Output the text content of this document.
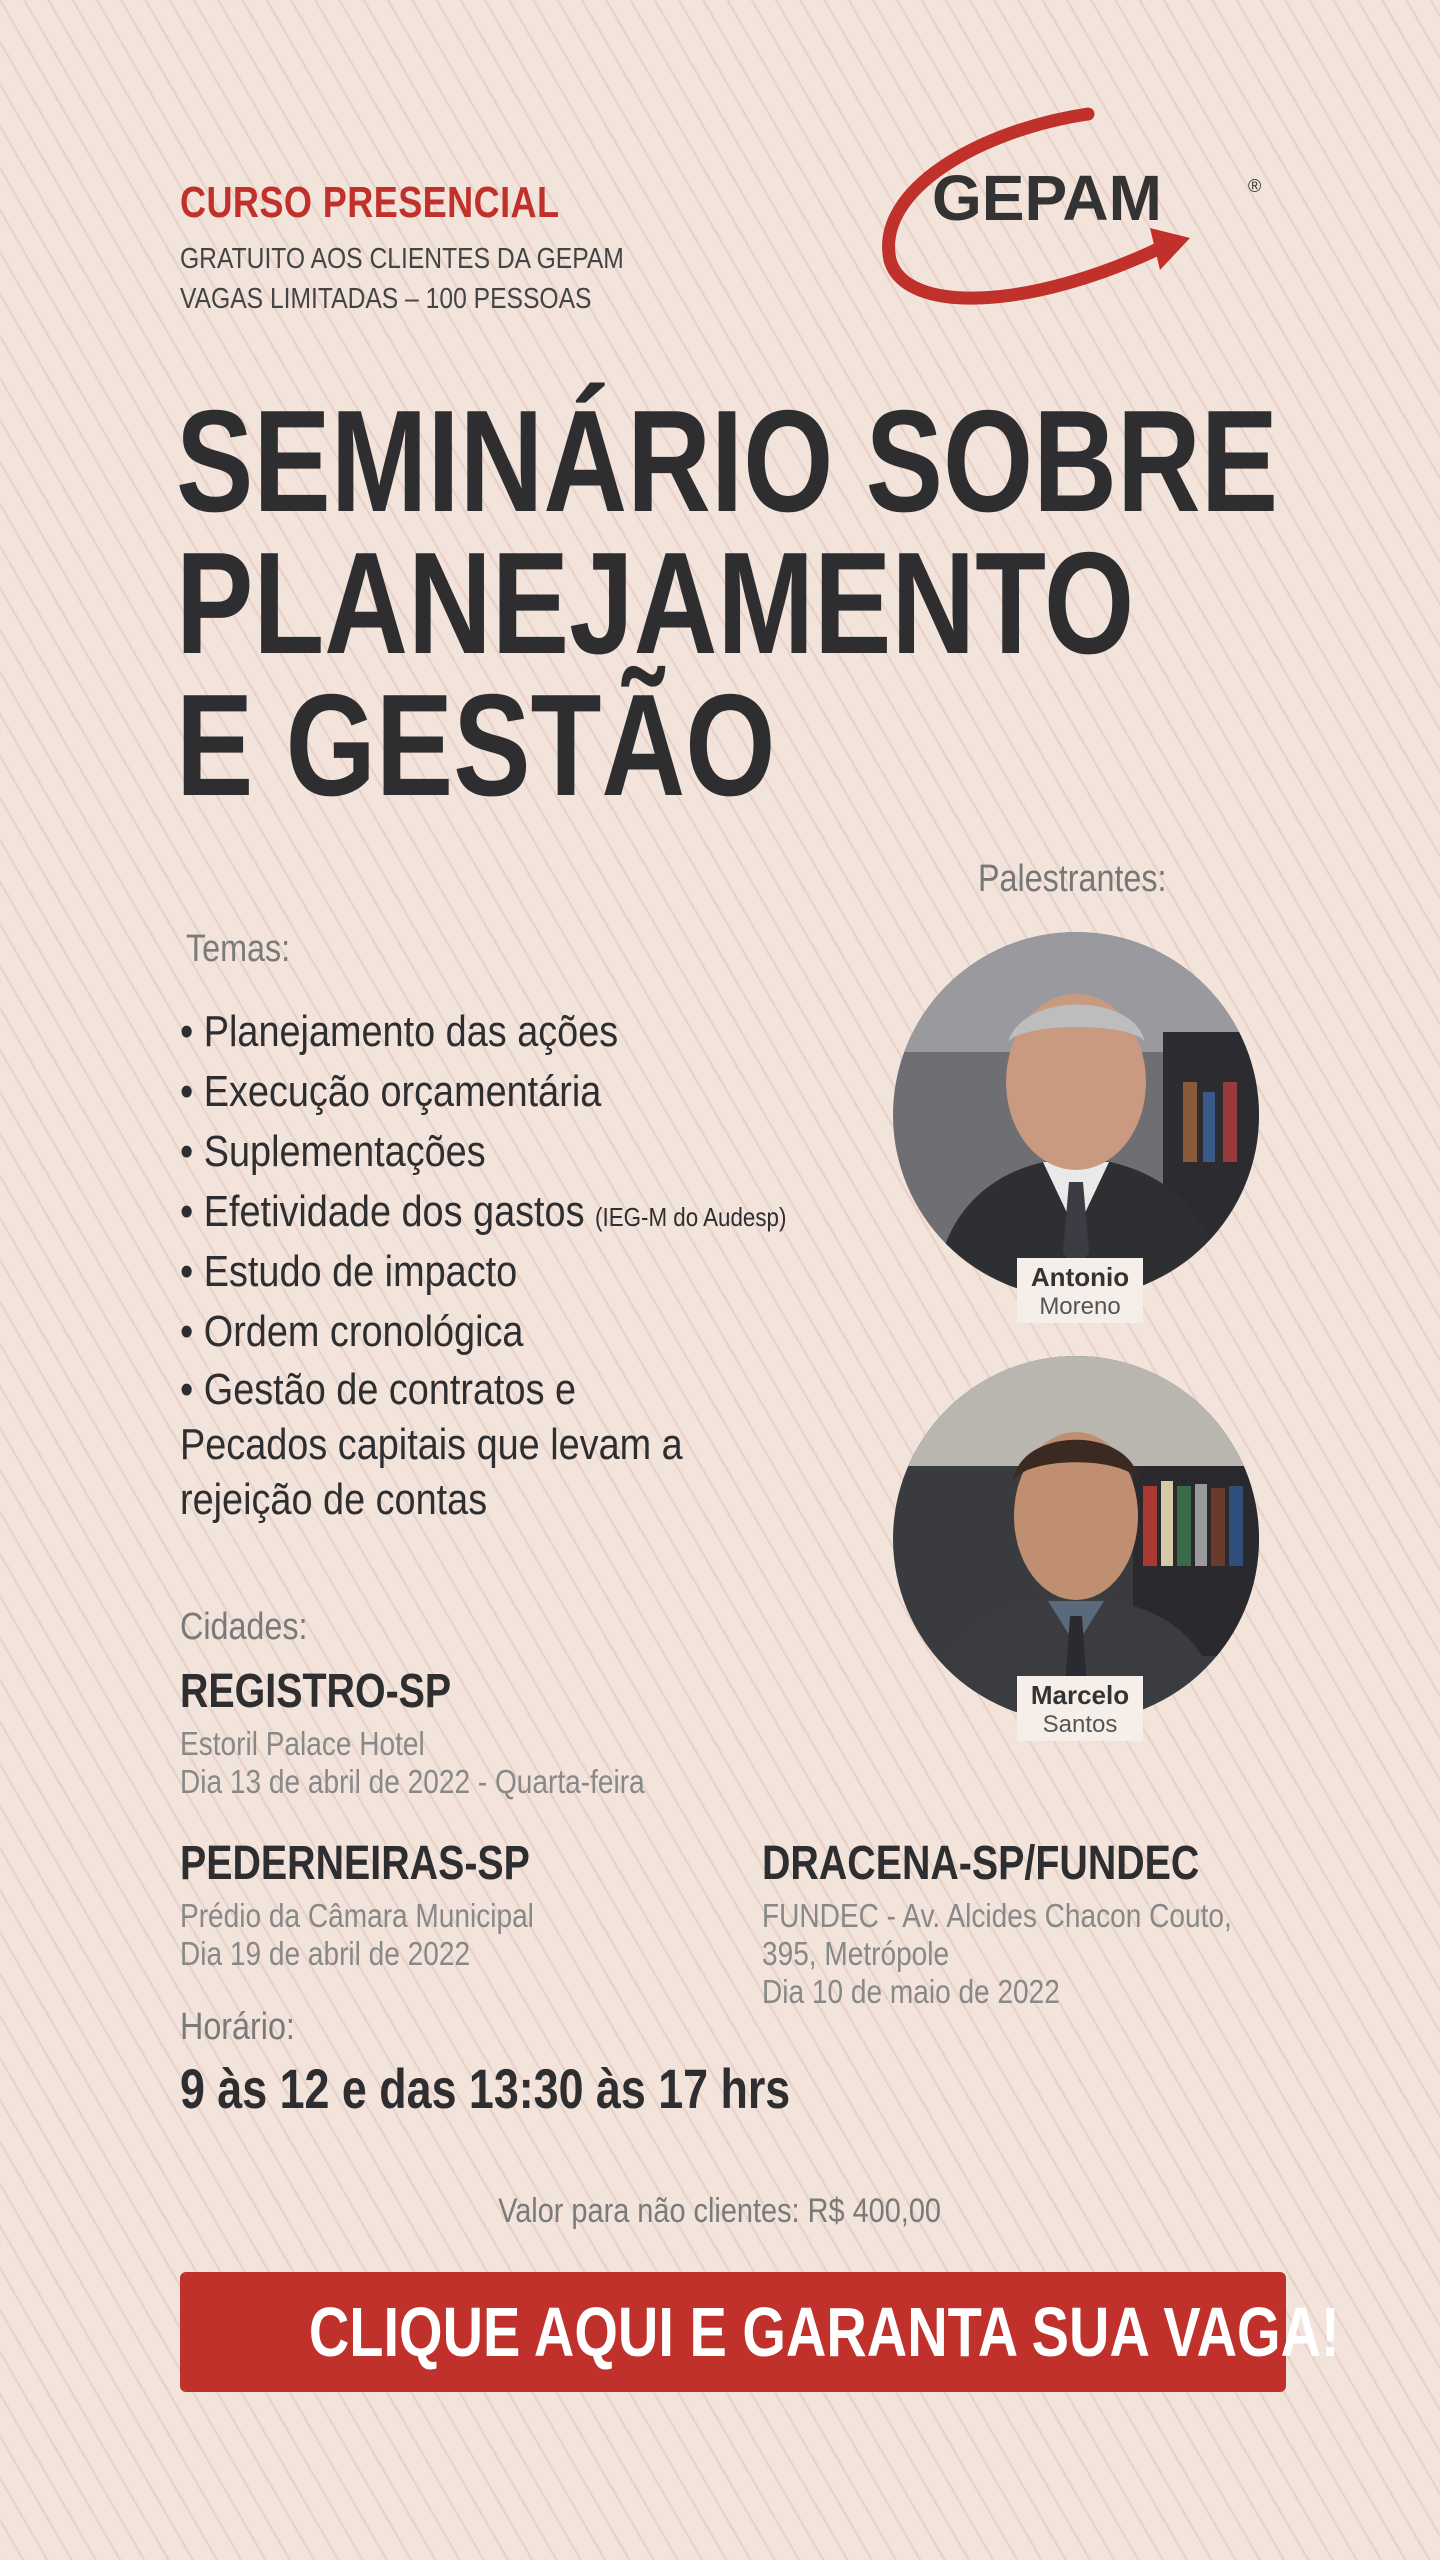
CURSO PRESENCIAL
GRATUITO AOS CLIENTES DA GEPAM
VAGAS LIMITADAS – 100 PESSOAS
GEPAM	®
SEMINÁRIO SOBRE
PLANEJAMENTO
E GESTÃO
Palestrantes:
Antonio
Moreno
Marcelo
Santos
Temas:
• Planejamento das ações
• Execução orçamentária
• Suplementações
• Efetividade dos gastos (IEG-M do Audesp)
• Estudo de impacto
• Ordem cronológica
• Gestão de contratos e
Pecados capitais que levam a
rejeição de contas
Cidades:
REGISTRO-SP
Estoril Palace Hotel
Dia 13 de abril de 2022 - Quarta-feira
PEDERNEIRAS-SP
Prédio da Câmara Municipal
Dia 19 de abril de 2022
DRACENA-SP/FUNDEC
FUNDEC - Av. Alcides Chacon Couto,
395, Metrópole
Dia 10 de maio de 2022
Horário:
9 às 12 e das 13:30 às 17 hrs
Valor para não clientes: R$ 400,00
CLIQUE AQUI E GARANTA SUA VAGA!
